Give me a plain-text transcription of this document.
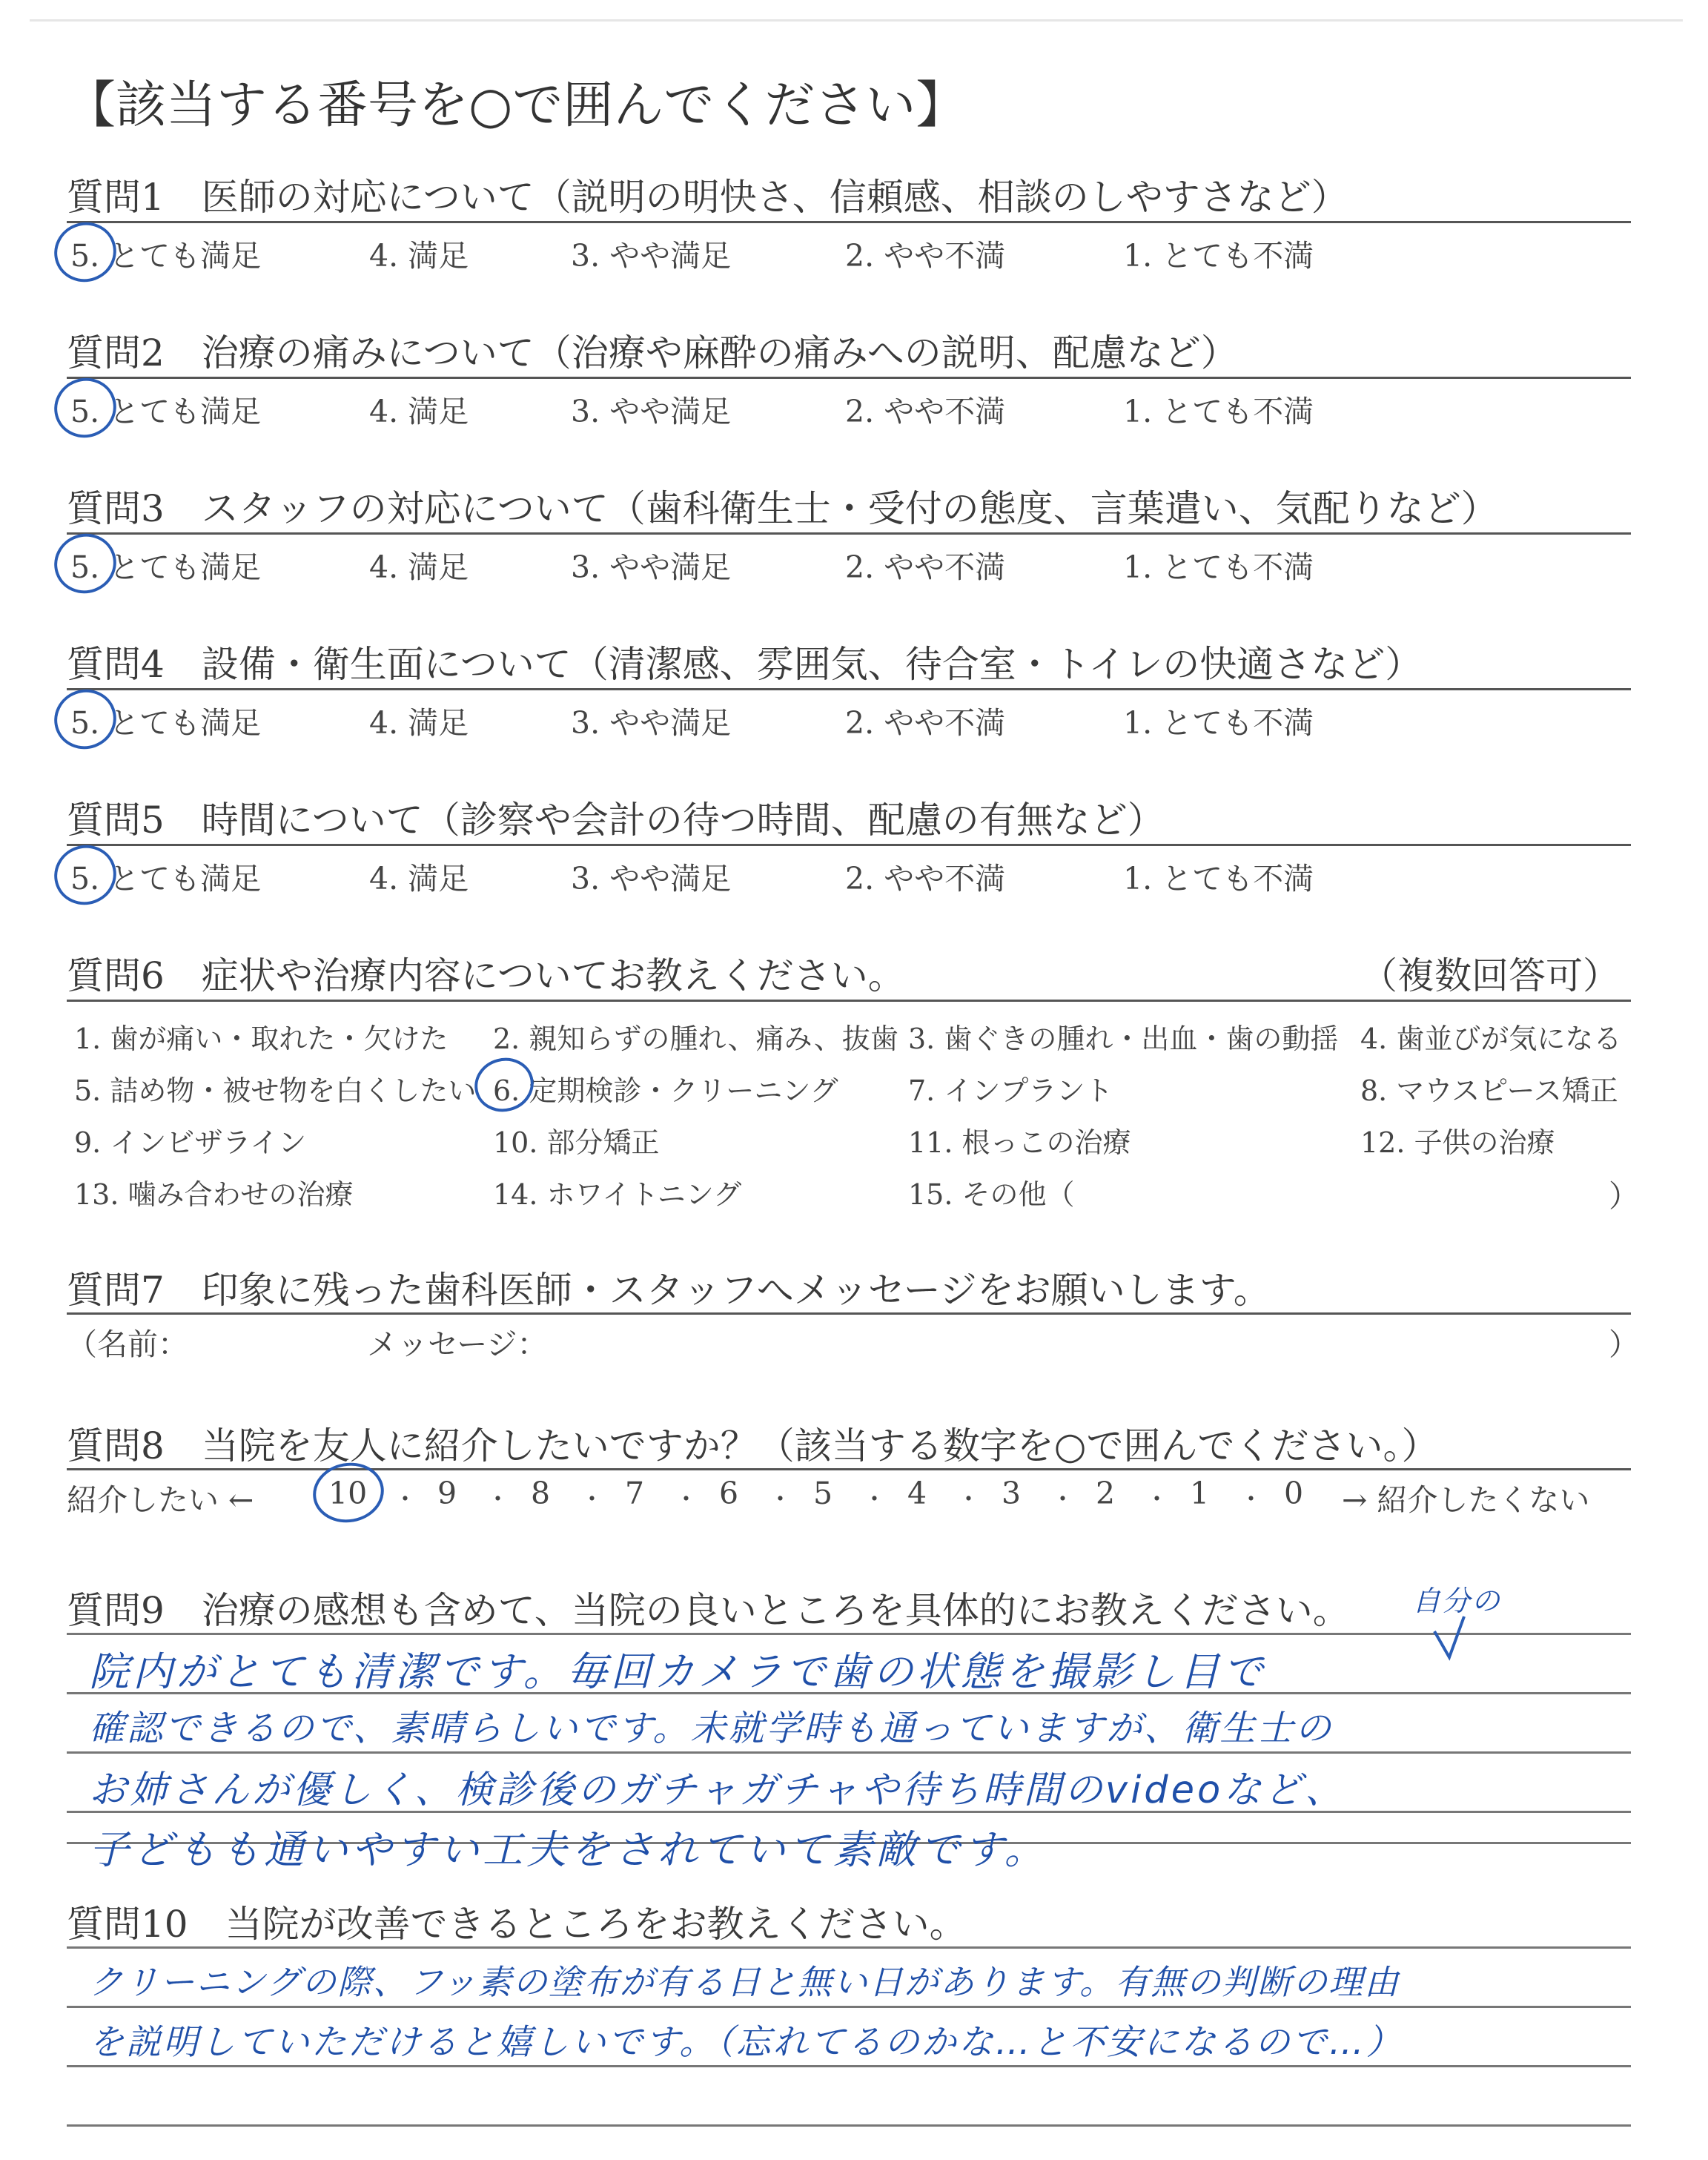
【該当する番号を○で囲んでください】
質問1　医師の対応について（説明の明快さ、信頼感、相談のしやすさなど）
5. とても満足	4. 満足	3. やや満足	2. やや不満	1. とても不満
質問2　治療の痛みについて（治療や麻酔の痛みへの説明、配慮など）
5. とても満足	4. 満足	3. やや満足	2. やや不満	1. とても不満
質問3　スタッフの対応について（歯科衛生士・受付の態度、言葉遣い、気配りなど）
5. とても満足	4. 満足	3. やや満足	2. やや不満	1. とても不満
質問4　設備・衛生面について（清潔感、雰囲気、待合室・トイレの快適さなど）
5. とても満足	4. 満足	3. やや満足	2. やや不満	1. とても不満
質問5　時間について（診察や会計の待つ時間、配慮の有無など）
5. とても満足	4. 満足	3. やや満足	2. やや不満	1. とても不満
質問6　症状や治療内容についてお教えください。	（複数回答可）
1. 歯が痛い・取れた・欠けた 2. 親知らずの腫れ、痛み、抜歯 3. 歯ぐきの腫れ・出血・歯の動揺 4. 歯並びが気になる
5. 詰め物・被せ物を白くしたい 6. 定期検診・クリーニング 7. インプラント	8. マウスピース矯正
9. インビザライン	10. 部分矯正	11. 根っこの治療	12. 子供の治療
13. 噛み合わせの治療	14. ホワイトニング	15. その他（	）
質問7　印象に残った歯科医師・スタッフへメッセージをお願いします。
（名前：	メッセージ：	）
質問8　当院を友人に紹介したいですか？（該当する数字を○で囲んでください。）
紹介したい ← 10 ・ 9 ・ 8 ・ 7 ・ 6 ・ 5 ・ 4 ・ 3 ・ 2 ・ 1 ・ 0 → 紹介したくない
質問9　治療の感想も含めて、当院の良いところを具体的にお教えください。 自分の
院内がとても清潔です。毎回カメラで歯の状態を撮影し目で
確認できるので、素晴らしいです。未就学時も通っていますが、衛生士の
お姉さんが優しく、検診後のガチャガチャや待ち時間のvideoなど、
子どもも通いやすい工夫をされていて素敵です。
質問10　当院が改善できるところをお教えください。
クリーニングの際、フッ素の塗布が有る日と無い日があります。有無の判断の理由
を説明していただけると嬉しいです。（忘れてるのかな…と不安になるので…）
